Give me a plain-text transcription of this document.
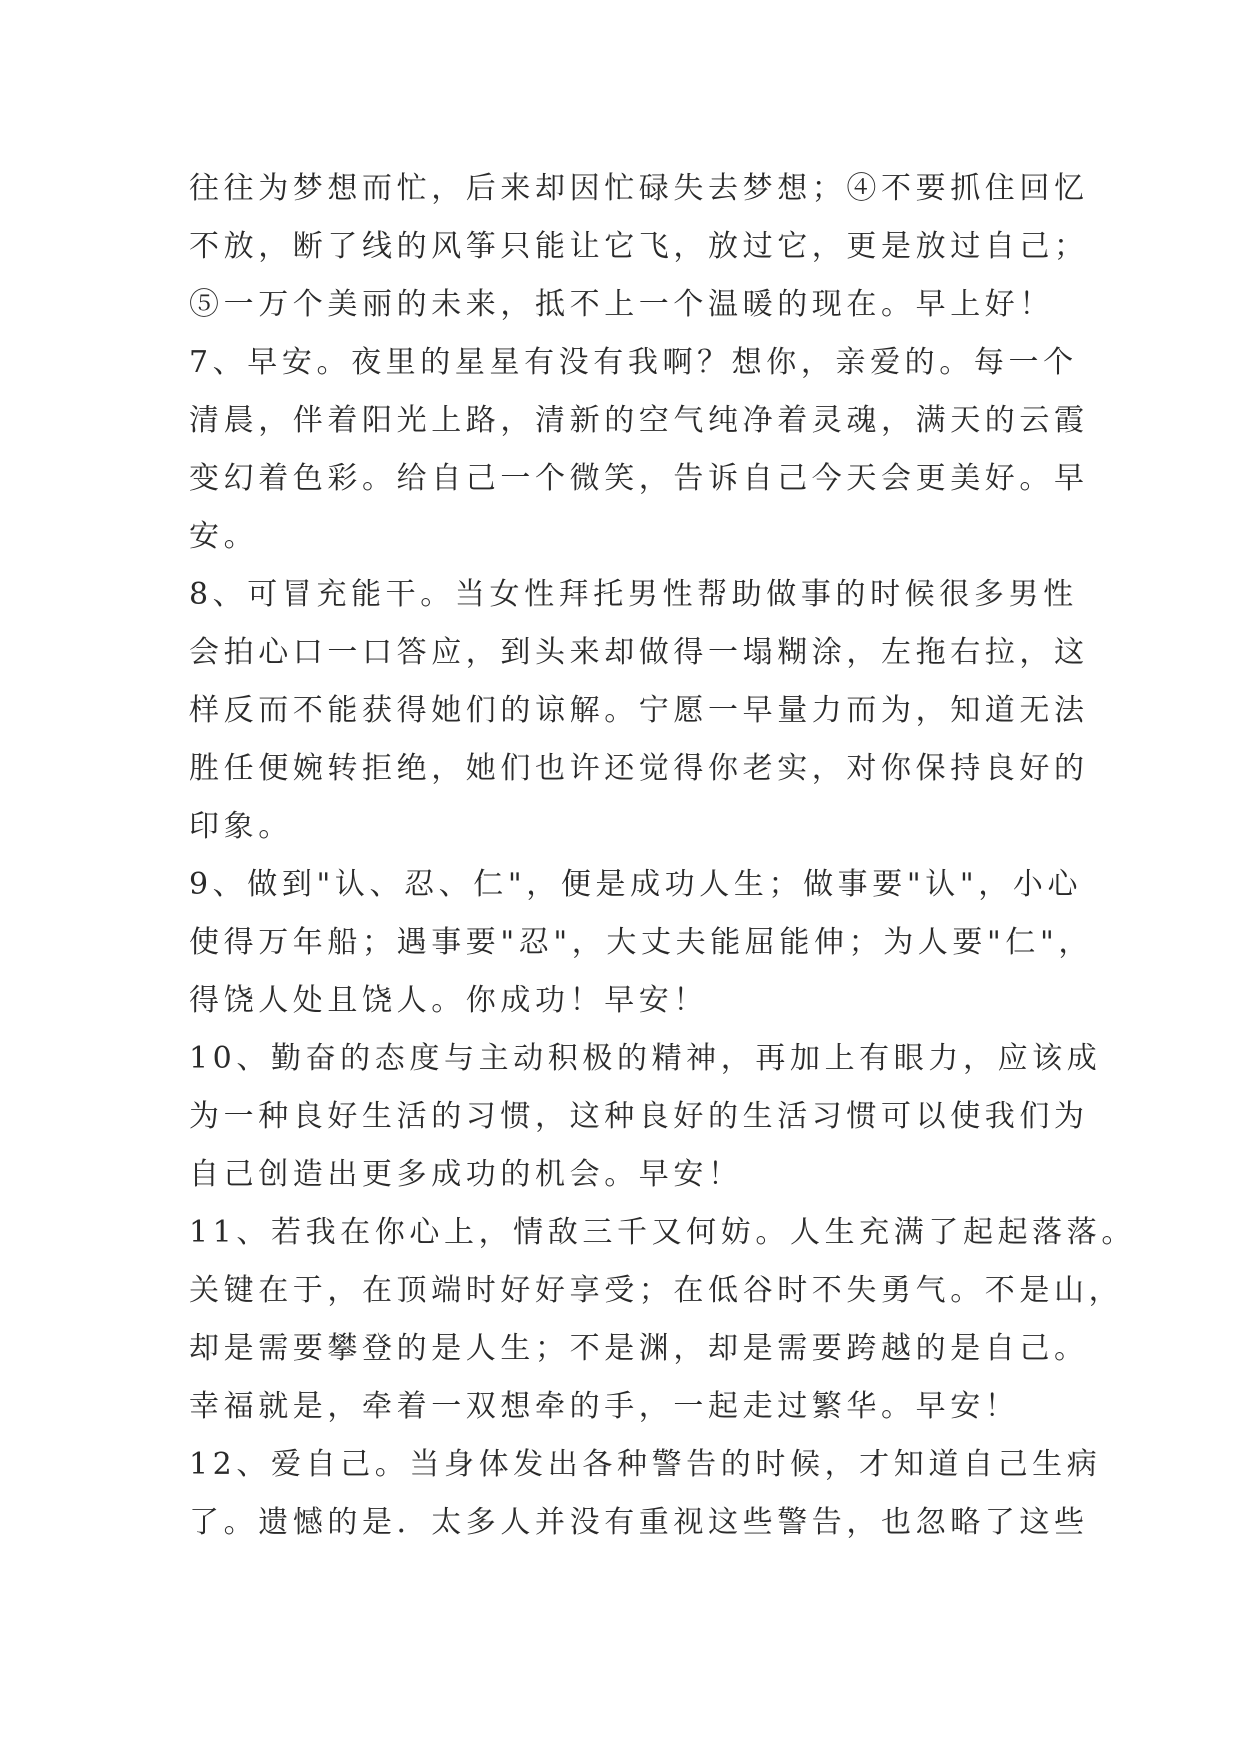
往往为梦想而忙，后来却因忙碌失去梦想；④不要抓住回忆
不放，断了线的风筝只能让它飞，放过它，更是放过自己；
⑤一万个美丽的未来，抵不上一个温暖的现在。早上好！
7、早安。夜里的星星有没有我啊？想你，亲爱的。每一个
清晨，伴着阳光上路，清新的空气纯净着灵魂，满天的云霞
变幻着色彩。给自己一个微笑，告诉自己今天会更美好。早
安。
8、可冒充能干。当女性拜托男性帮助做事的时候很多男性
会拍心口一口答应，到头来却做得一塌糊涂，左拖右拉，这
样反而不能获得她们的谅解。宁愿一早量力而为，知道无法
胜任便婉转拒绝，她们也许还觉得你老实，对你保持良好的
印象。
9、做到"认、忍、仁"，便是成功人生；做事要"认"，小心
使得万年船；遇事要"忍"，大丈夫能屈能伸；为人要"仁"，
得饶人处且饶人。你成功！早安！
10、勤奋的态度与主动积极的精神，再加上有眼力，应该成
为一种良好生活的习惯，这种良好的生活习惯可以使我们为
自己创造出更多成功的机会。早安！
11、若我在你心上，情敌三千又何妨。人生充满了起起落落。
关键在于，在顶端时好好享受；在低谷时不失勇气。不是山，
却是需要攀登的是人生；不是渊，却是需要跨越的是自己。
幸福就是，牵着一双想牵的手，一起走过繁华。早安！
12、爱自己。当身体发出各种警告的时候，才知道自己生病
了。遗憾的是．太多人并没有重视这些警告，也忽略了这些
